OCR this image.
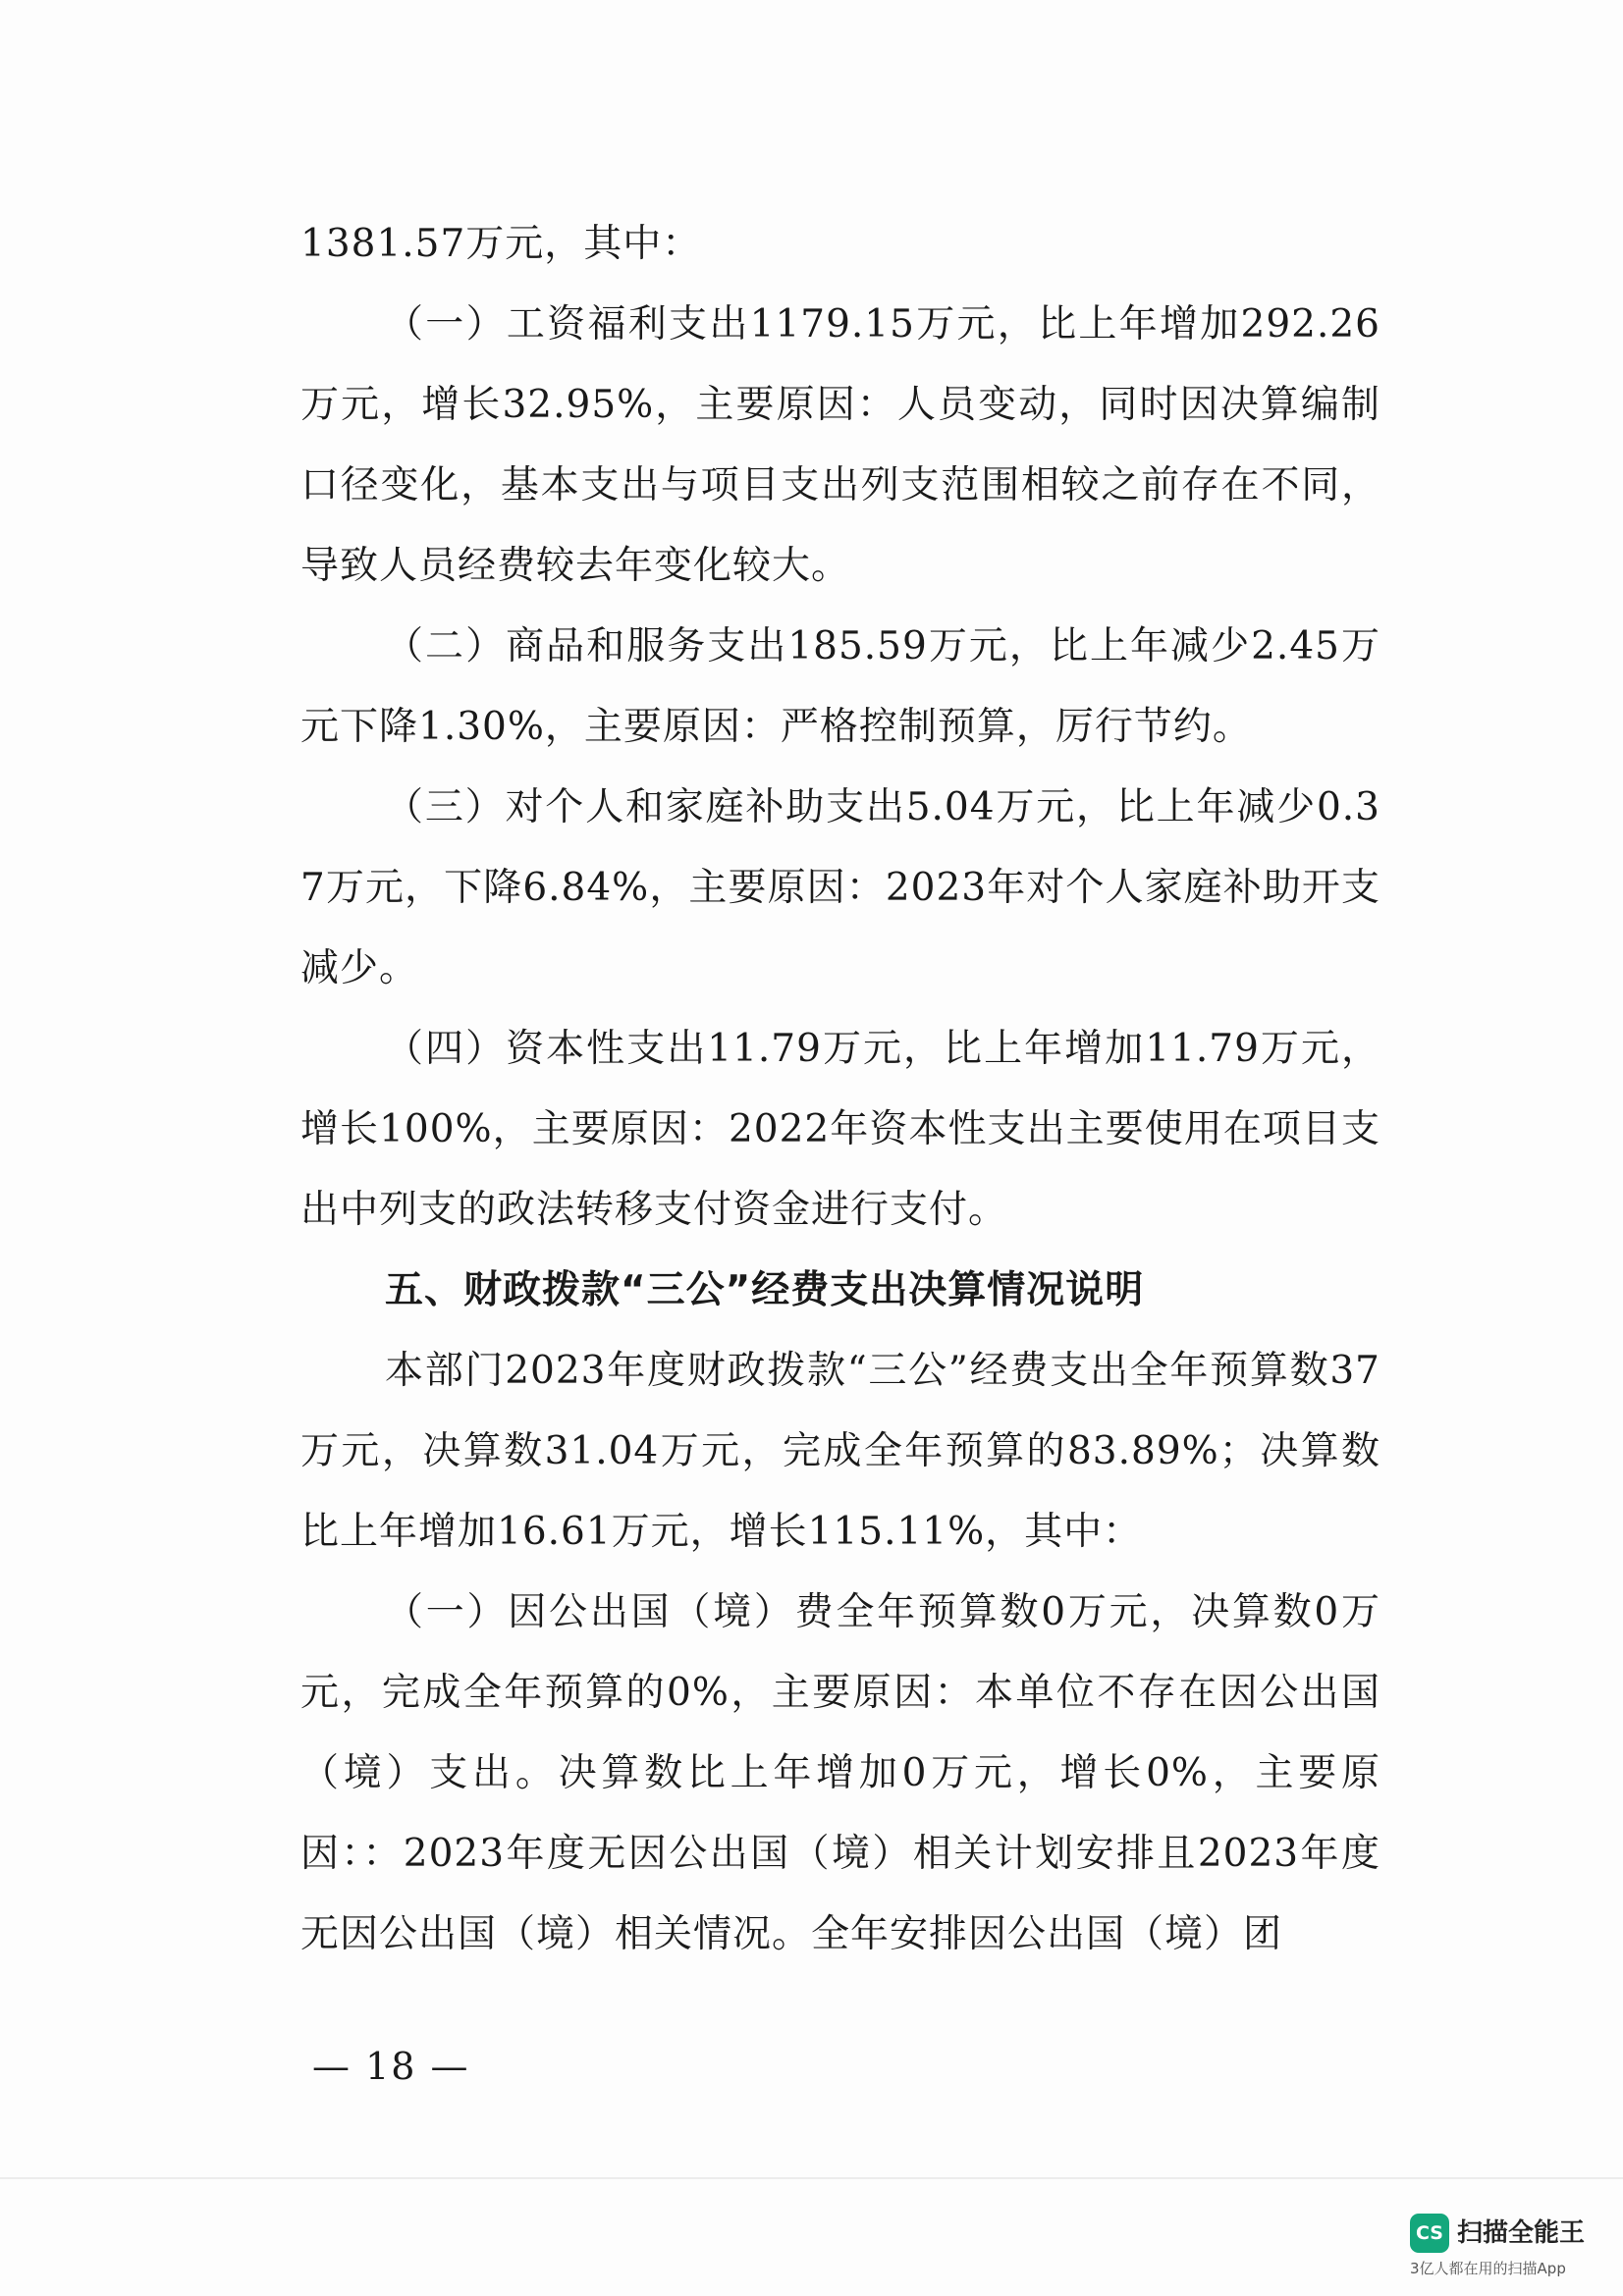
1381.57万元，其中：

（一）工资福利支出1179.15万元，比上年增加292.26万元，增长32.95%，主要原因：人员变动，同时因决算编制口径变化，基本支出与项目支出列支范围相较之前存在不同，导致人员经费较去年变化较大。

（二）商品和服务支出185.59万元，比上年减少2.45万元下降1.30%，主要原因：严格控制预算，厉行节约。

（三）对个人和家庭补助支出5.04万元，比上年减少0.37万元，下降6.84%，主要原因：2023年对个人家庭补助开支减少。

（四）资本性支出11.79万元，比上年增加11.79万元，增长100%，主要原因：2022年资本性支出主要使用在项目支出中列支的政法转移支付资金进行支付。

五、财政拨款“三公”经费支出决算情况说明

本部门2023年度财政拨款“三公”经费支出全年预算数37万元，决算数31.04万元，完成全年预算的83.89%；决算数比上年增加16.61万元，增长115.11%，其中：

（一）因公出国（境）费全年预算数0万元，决算数0万元，完成全年预算的0%，主要原因：本单位不存在因公出国（境）支出。决算数比上年增加0万元，增长0%，主要原因：：2023年度无因公出国（境）相关计划安排且2023年度无因公出国（境）相关情况。全年安排因公出国（境）团

— 18 —
CS 扫描全能王
3亿人都在用的扫描App
